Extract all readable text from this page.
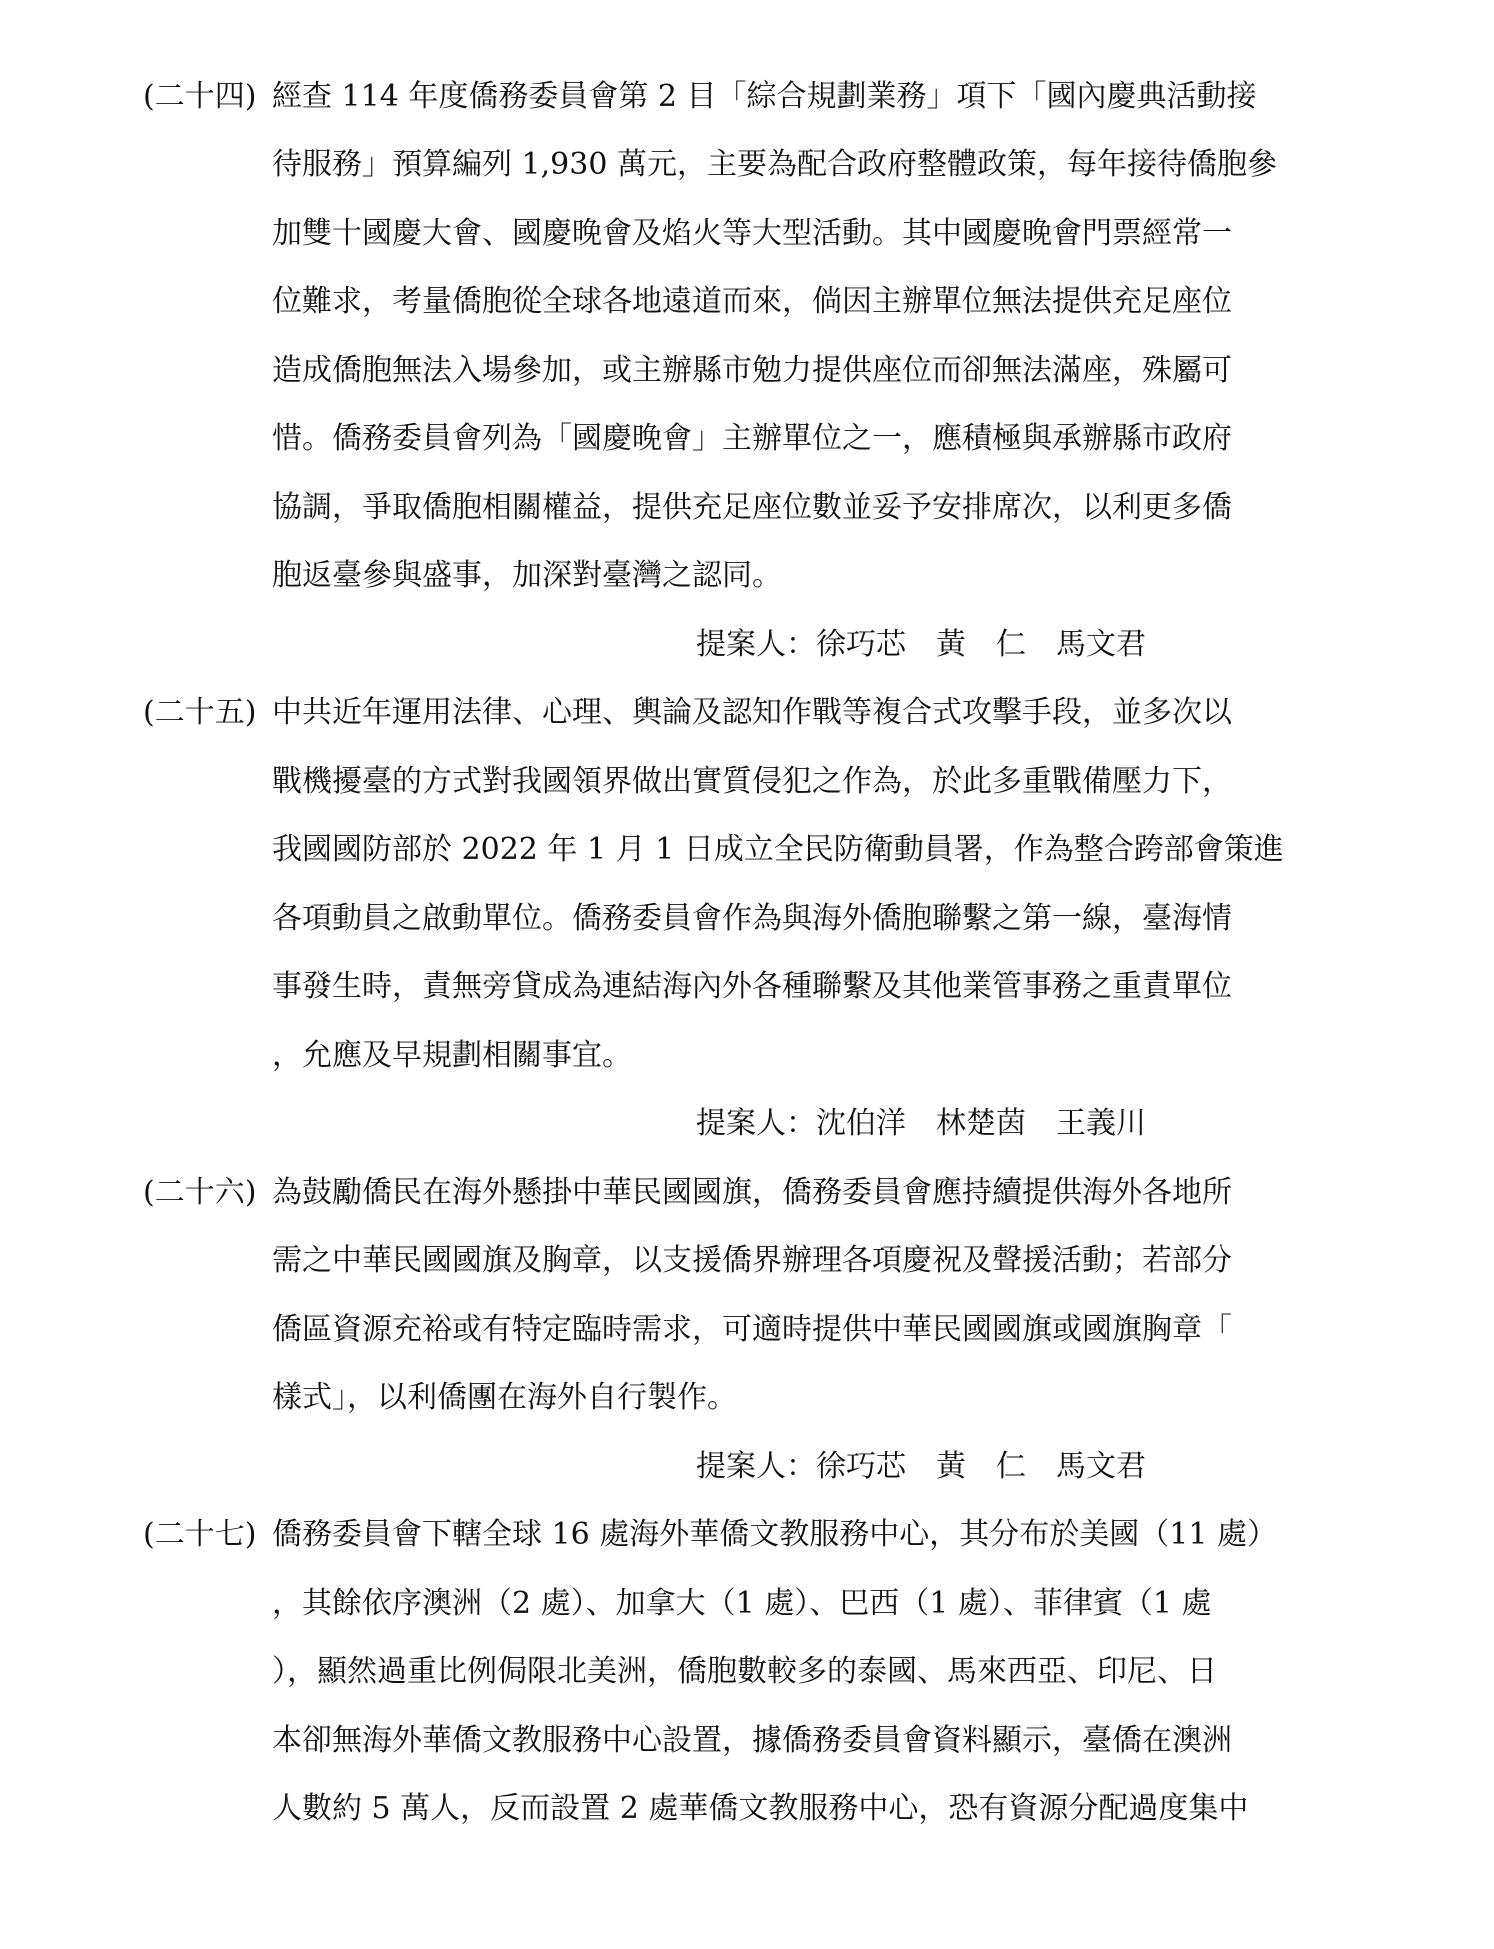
(二十四) 經查 114 年度僑務委員會第 2 目「綜合規劃業務」項下「國內慶典活動接
待服務」預算編列 1,930 萬元，主要為配合政府整體政策，每年接待僑胞參
加雙十國慶大會、國慶晚會及焰火等大型活動。其中國慶晚會門票經常一
位難求，考量僑胞從全球各地遠道而來，倘因主辦單位無法提供充足座位
造成僑胞無法入場參加，或主辦縣市勉力提供座位而卻無法滿座，殊屬可
惜。僑務委員會列為「國慶晚會」主辦單位之一，應積極與承辦縣市政府
協調，爭取僑胞相關權益，提供充足座位數並妥予安排席次，以利更多僑
胞返臺參與盛事，加深對臺灣之認同。
提案人：徐巧芯　黃　仁　馬文君
(二十五) 中共近年運用法律、心理、輿論及認知作戰等複合式攻擊手段，並多次以
戰機擾臺的方式對我國領界做出實質侵犯之作為，於此多重戰備壓力下，
我國國防部於 2022 年 1 月 1 日成立全民防衛動員署，作為整合跨部會策進
各項動員之啟動單位。僑務委員會作為與海外僑胞聯繫之第一線，臺海情
事發生時，責無旁貸成為連結海內外各種聯繫及其他業管事務之重責單位
，允應及早規劃相關事宜。
提案人：沈伯洋　林楚茵　王義川
(二十六) 為鼓勵僑民在海外懸掛中華民國國旗，僑務委員會應持續提供海外各地所
需之中華民國國旗及胸章，以支援僑界辦理各項慶祝及聲援活動；若部分
僑區資源充裕或有特定臨時需求，可適時提供中華民國國旗或國旗胸章「
樣式」，以利僑團在海外自行製作。
提案人：徐巧芯　黃　仁　馬文君
(二十七) 僑務委員會下轄全球 16 處海外華僑文教服務中心，其分布於美國（11 處）
，其餘依序澳洲（2 處）、加拿大（1 處）、巴西（1 處）、菲律賓（1 處
），顯然過重比例侷限北美洲，僑胞數較多的泰國、馬來西亞、印尼、日
本卻無海外華僑文教服務中心設置，據僑務委員會資料顯示，臺僑在澳洲
人數約 5 萬人，反而設置 2 處華僑文教服務中心，恐有資源分配過度集中
